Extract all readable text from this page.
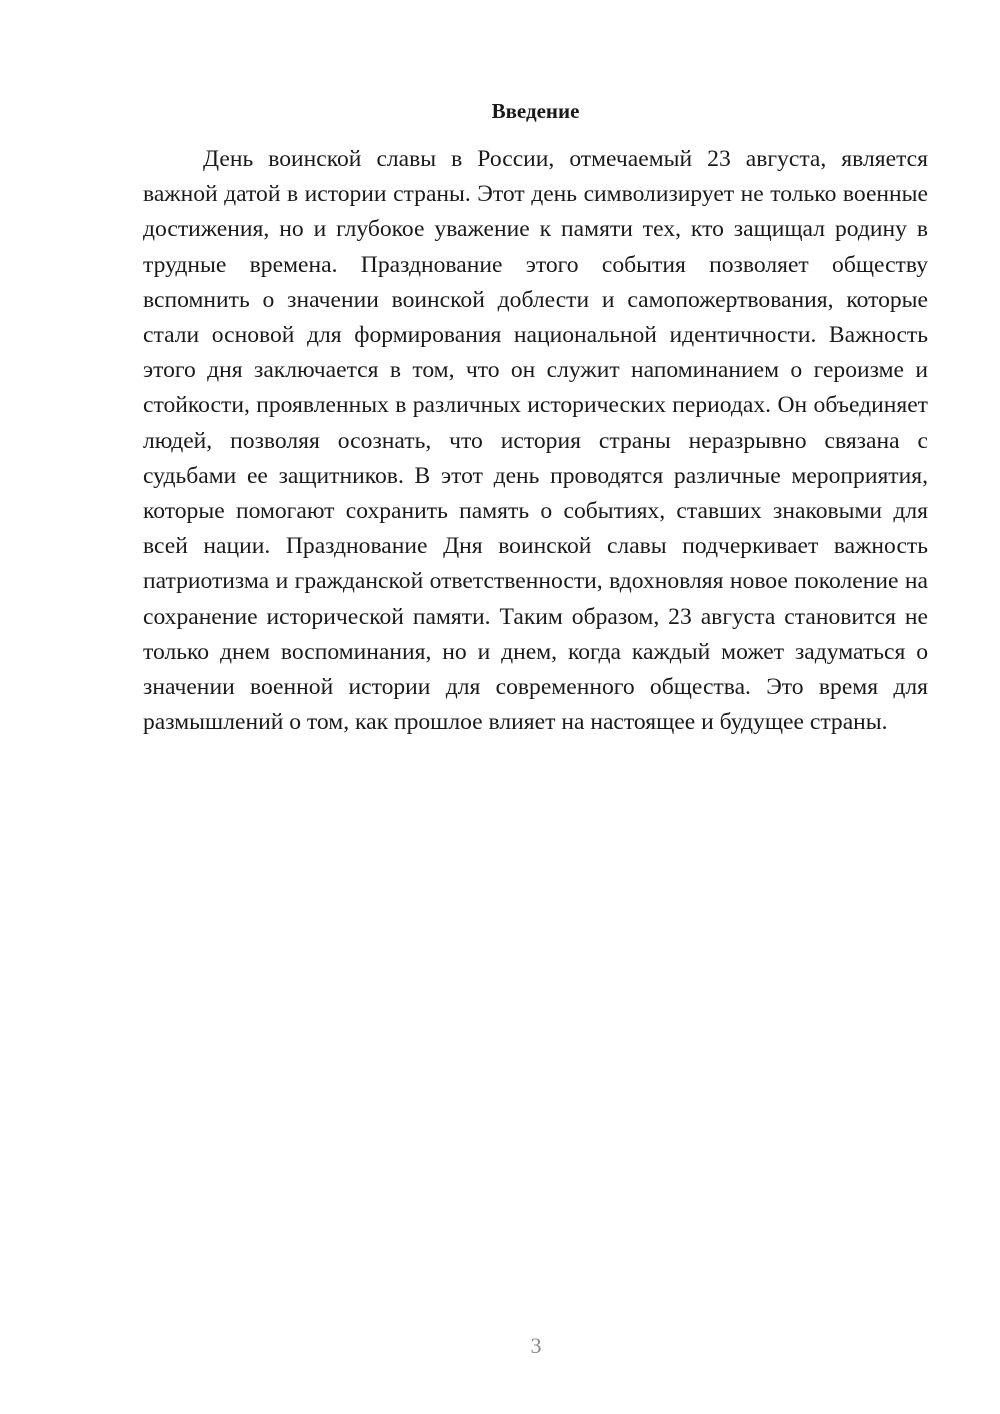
Введение

День воинской славы в России, отмечаемый 23 августа, является важной датой в истории страны. Этот день символизирует не только военные достижения, но и глубокое уважение к памяти тех, кто защищал родину в трудные времена. Празднование этого события позволяет обществу вспомнить о значении воинской доблести и самопожертвования, которые стали основой для формирования национальной идентичности. Важность этого дня заключается в том, что он служит напоминанием о героизме и стойкости, проявленных в различных исторических периодах. Он объединяет людей, позволяя осознать, что история страны неразрывно связана с судьбами ее защитников. В этот день проводятся различные мероприятия, которые помогают сохранить память о событиях, ставших знаковыми для всей нации. Празднование Дня воинской славы подчеркивает важность патриотизма и гражданской ответственности, вдохновляя новое поколение на сохранение исторической памяти. Таким образом, 23 августа становится не только днем воспоминания, но и днем, когда каждый может задуматься о значении военной истории для современного общества. Это время для размышлений о том, как прошлое влияет на настоящее и будущее страны.

3
